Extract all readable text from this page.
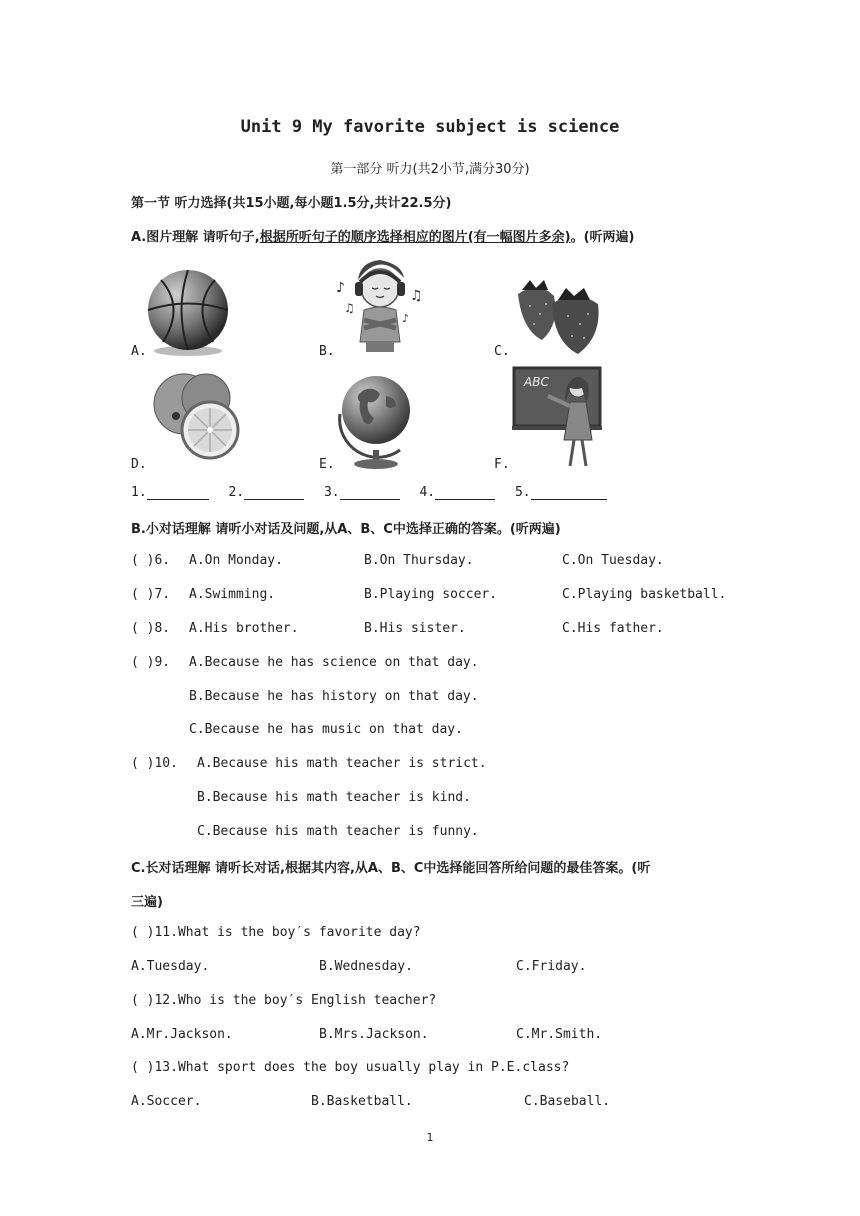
Unit 9 My favorite subject is science
第一部分 听力(共2小节,满分30分)
第一节 听力选择(共15小题,每小题1.5分,共计22.5分)
A.图片理解 请听句子,根据所听句子的顺序选择相应的图片(有一幅图片多余)。(听两遍)
A.	B.	C.
D.	E.	F.
♪
♫
♫
♪
ABC
1.	2.	3.	4.	5.
B.小对话理解 请听小对话及问题,从A、B、C中选择正确的答案。(听两遍)
( )6. A.On Monday.	B.On Thursday.	C.On Tuesday.
( )7. A.Swimming.	B.Playing soccer.	C.Playing basketball.
( )8. A.His brother.	B.His sister.	C.His father.
( )9. A.Because he has science on that day.
B.Because he has history on that day.
C.Because he has music on that day.
( )10. A.Because his math teacher is strict.
B.Because his math teacher is kind.
C.Because his math teacher is funny.
C.长对话理解 请听长对话,根据其内容,从A、B、C中选择能回答所给问题的最佳答案。(听
三遍)
( )11.What is the boy′s favorite day?
A.Tuesday.	B.Wednesday.	C.Friday.
( )12.Who is the boy′s English teacher?
A.Mr.Jackson.	B.Mrs.Jackson.	C.Mr.Smith.
( )13.What sport does the boy usually play in P.E.class?
A.Soccer.	B.Basketball.	C.Baseball.
1
